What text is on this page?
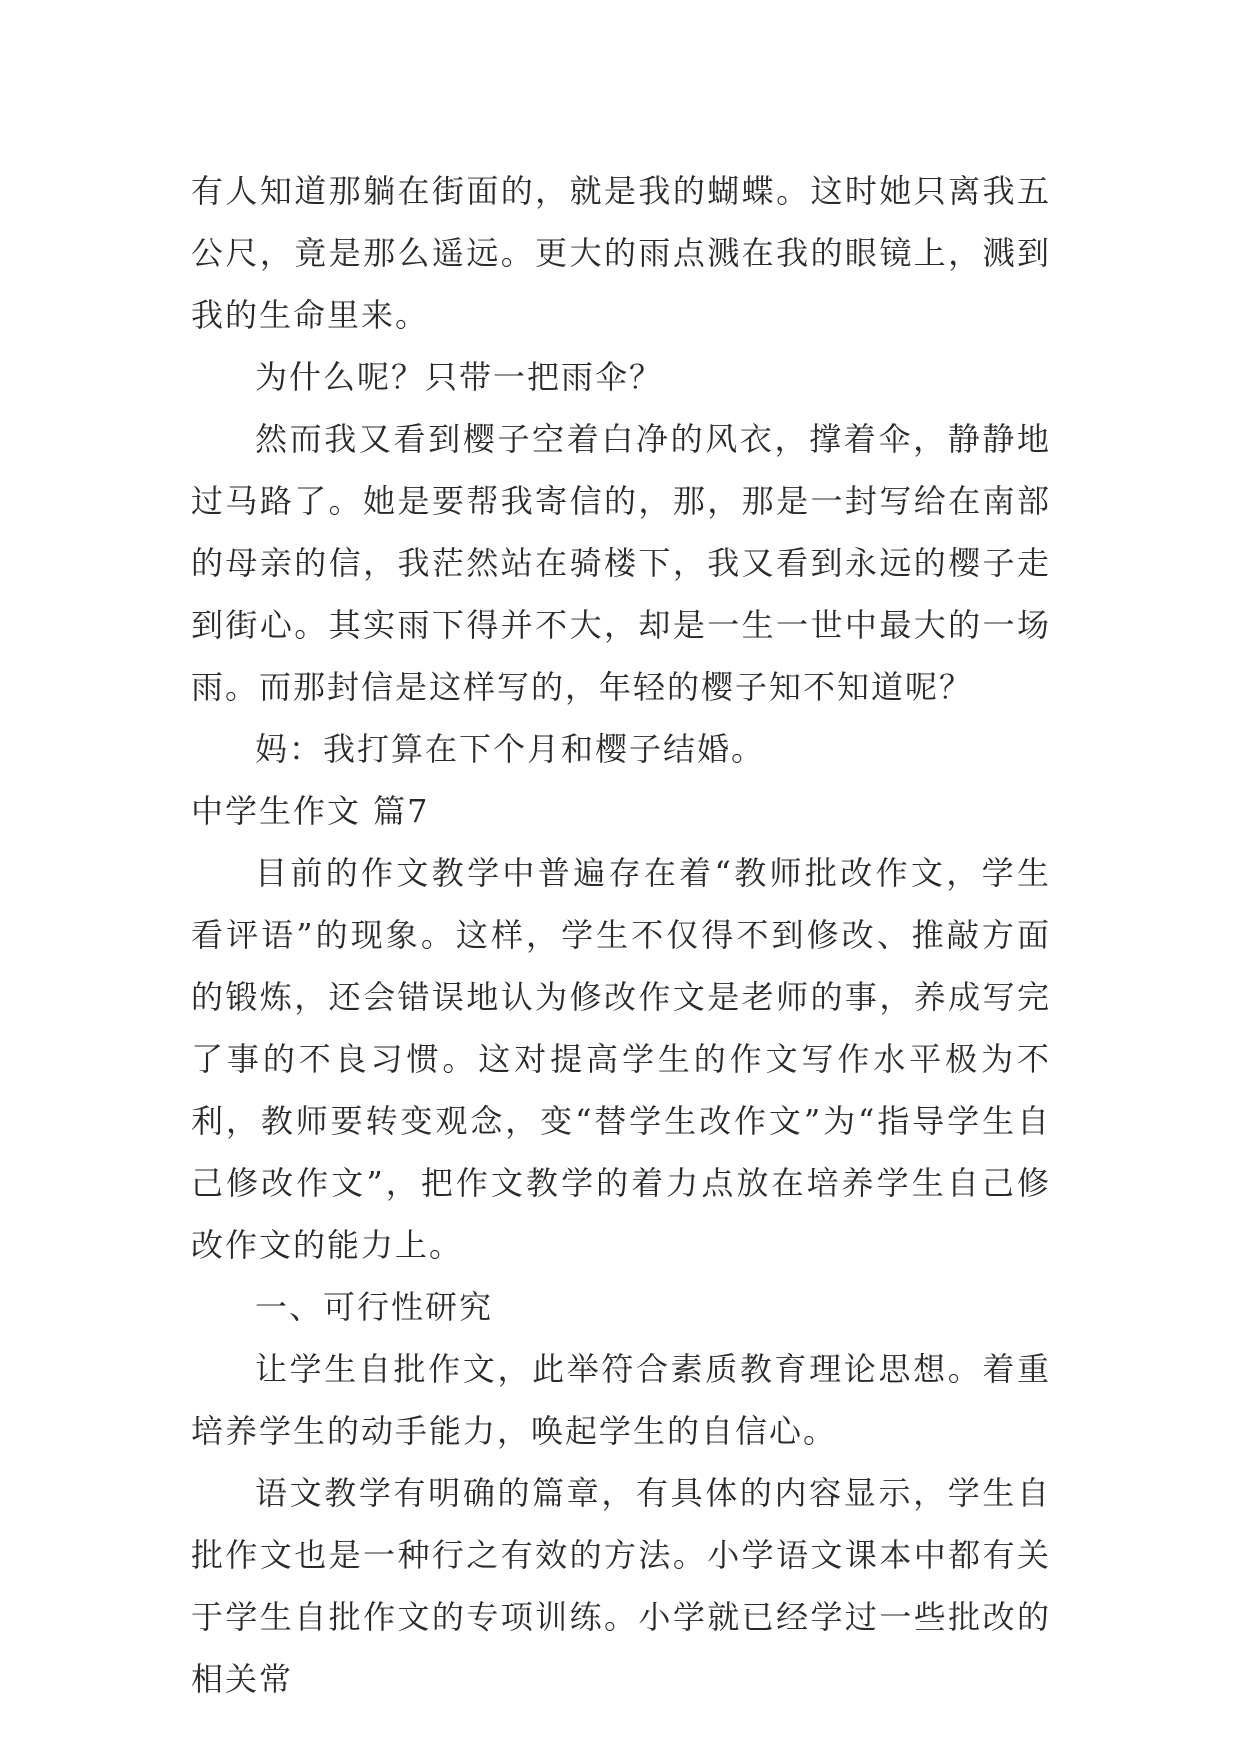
有人知道那躺在街面的，就是我的蝴蝶。这时她只离我五公尺，竟是那么遥远。更大的雨点溅在我的眼镜上，溅到我的生命里来。

为什么呢？只带一把雨伞？

然而我又看到樱子空着白净的风衣，撑着伞，静静地过马路了。她是要帮我寄信的，那，那是一封写给在南部的母亲的信，我茫然站在骑楼下，我又看到永远的樱子走到街心。其实雨下得并不大，却是一生一世中最大的一场雨。而那封信是这样写的，年轻的樱子知不知道呢？

妈：我打算在下个月和樱子结婚。

中学生作文 篇7

目前的作文教学中普遍存在着“教师批改作文，学生看评语”的现象。这样，学生不仅得不到修改、推敲方面的锻炼，还会错误地认为修改作文是老师的事，养成写完了事的不良习惯。这对提高学生的作文写作水平极为不利，教师要转变观念，变“替学生改作文”为“指导学生自己修改作文”，把作文教学的着力点放在培养学生自己修改作文的能力上。

一、可行性研究

让学生自批作文，此举符合素质教育理论思想。着重培养学生的动手能力，唤起学生的自信心。

语文教学有明确的篇章，有具体的内容显示，学生自批作文也是一种行之有效的方法。小学语文课本中都有关于学生自批作文的专项训练。小学就已经学过一些批改的相关常
